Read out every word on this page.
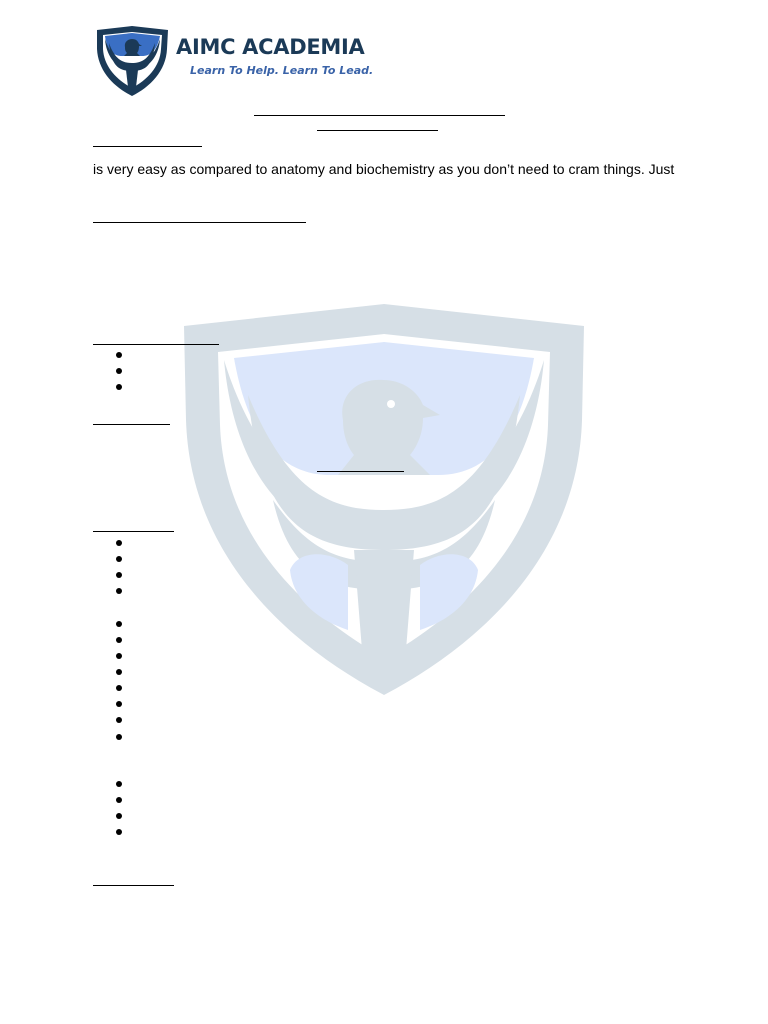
AIMC ACADEMIA
Learn To Help. Learn To Lead.
is very easy as compared to anatomy and biochemistry as you don’t need to cram things. Just
